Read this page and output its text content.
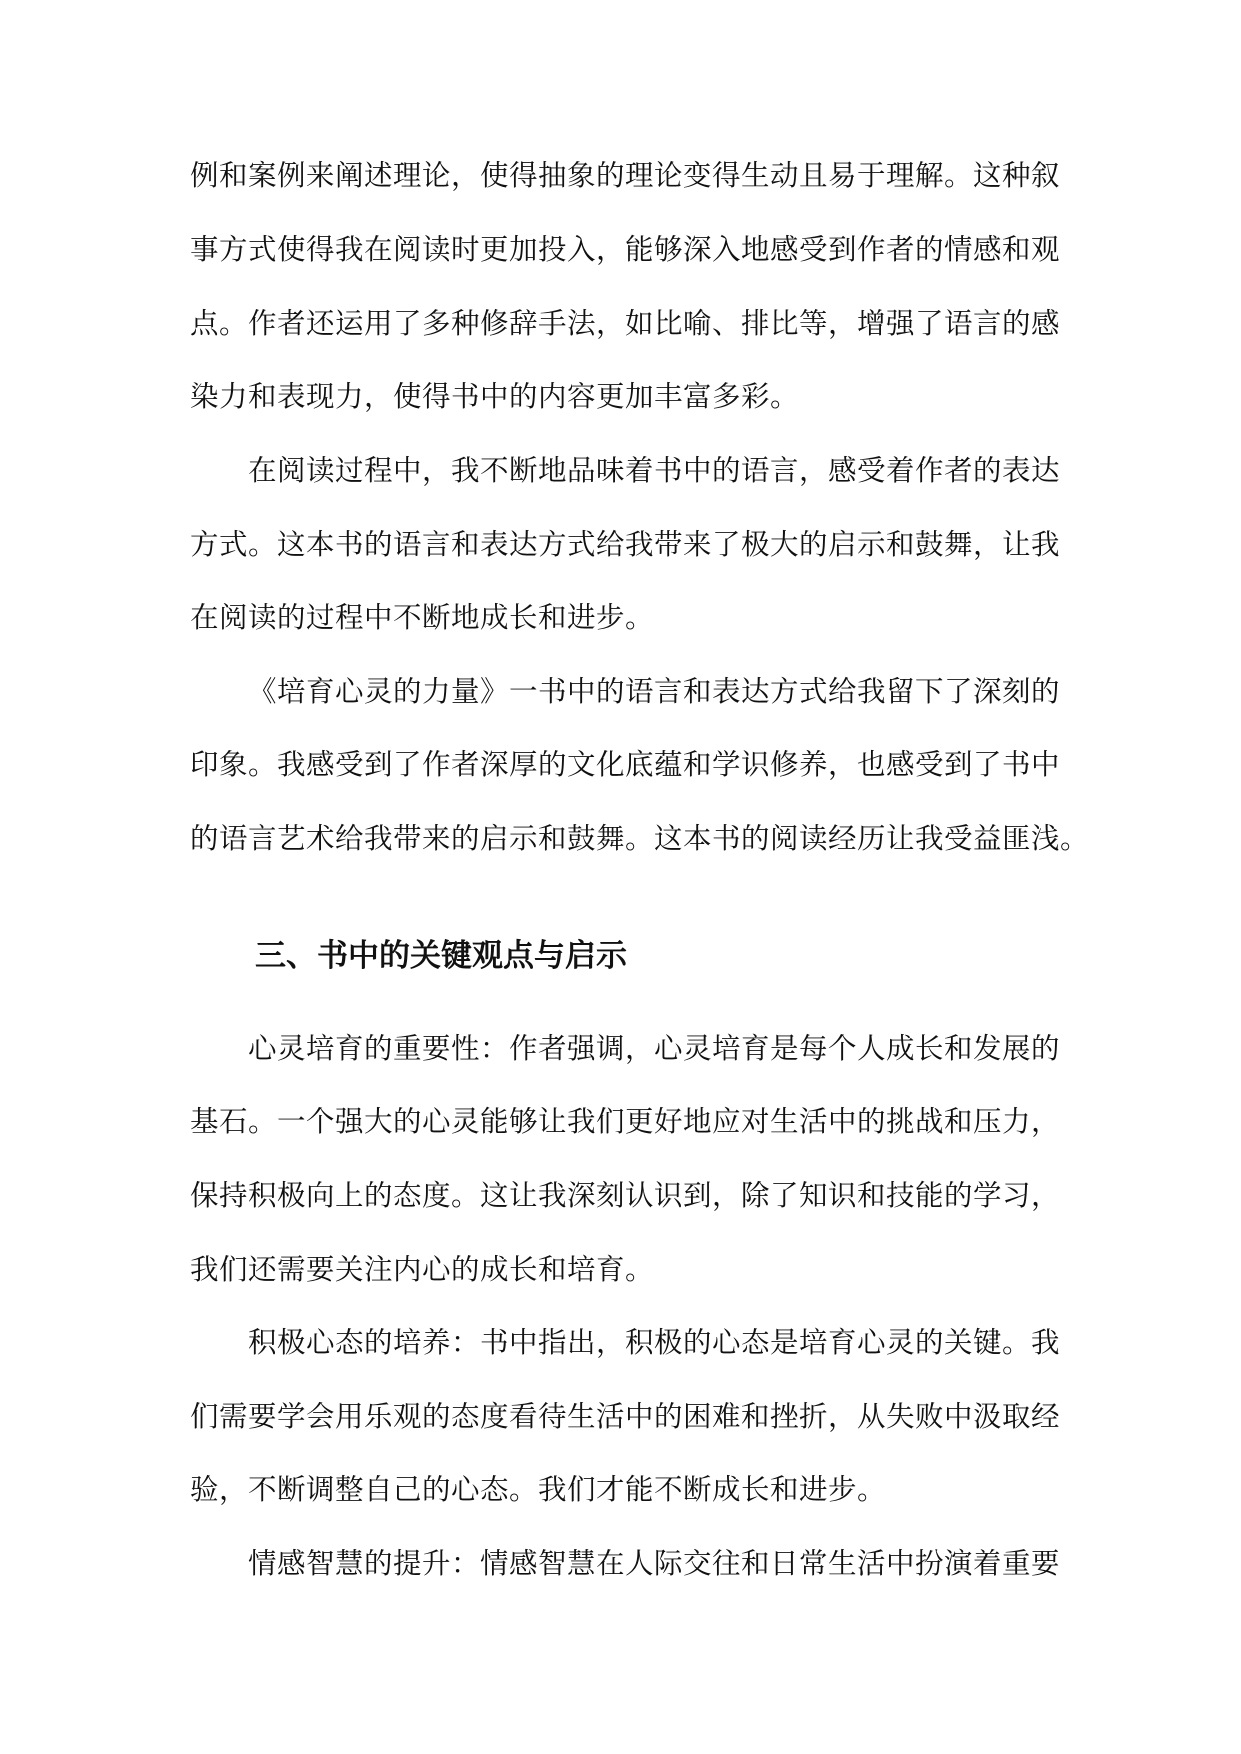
例和案例来阐述理论，使得抽象的理论变得生动且易于理解。这种叙
事方式使得我在阅读时更加投入，能够深入地感受到作者的情感和观
点。作者还运用了多种修辞手法，如比喻、排比等，增强了语言的感
染力和表现力，使得书中的内容更加丰富多彩。
在阅读过程中，我不断地品味着书中的语言，感受着作者的表达
方式。这本书的语言和表达方式给我带来了极大的启示和鼓舞，让我
在阅读的过程中不断地成长和进步。
《培育心灵的力量》一书中的语言和表达方式给我留下了深刻的
印象。我感受到了作者深厚的文化底蕴和学识修养，也感受到了书中
的语言艺术给我带来的启示和鼓舞。这本书的阅读经历让我受益匪浅。
三、书中的关键观点与启示
心灵培育的重要性：作者强调，心灵培育是每个人成长和发展的
基石。一个强大的心灵能够让我们更好地应对生活中的挑战和压力，
保持积极向上的态度。这让我深刻认识到，除了知识和技能的学习，
我们还需要关注内心的成长和培育。
积极心态的培养：书中指出，积极的心态是培育心灵的关键。我
们需要学会用乐观的态度看待生活中的困难和挫折，从失败中汲取经
验，不断调整自己的心态。我们才能不断成长和进步。
情感智慧的提升：情感智慧在人际交往和日常生活中扮演着重要
